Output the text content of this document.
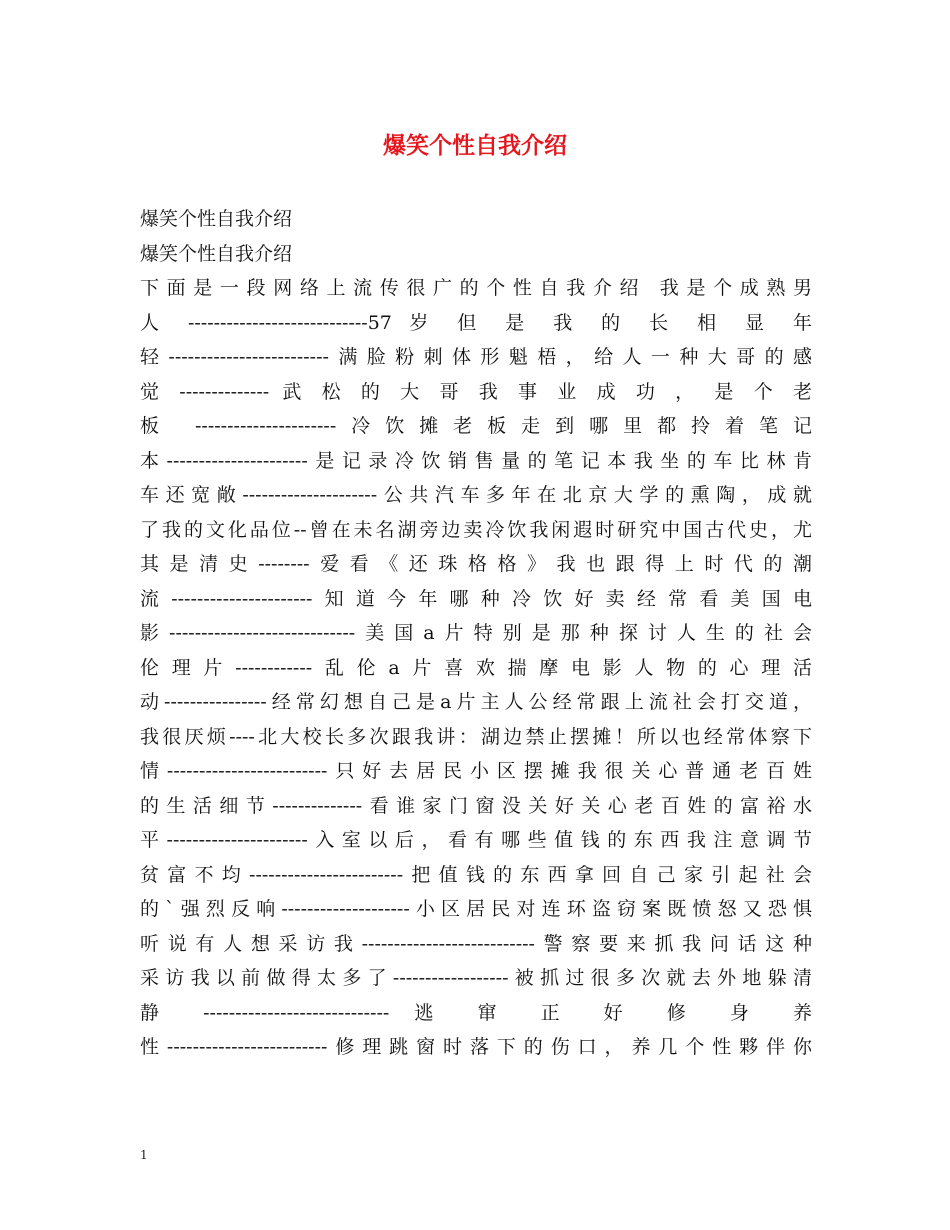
爆笑个性自我介绍
爆笑个性自我介绍
爆笑个性自我介绍
下面是一段网络上流传很广的个性自我介绍 我是个成熟男
人 ----------------------------57 岁 但 是 我 的 长 相 显 年
轻-------------------------满脸粉刺体形魁梧，给人一种大哥的感
觉 -------------- 武 松 的 大 哥 我 事 业 成 功 ， 是 个 老
板 ----------------------冷饮摊老板走到哪里都拎着笔记
本----------------------是记录冷饮销售量的笔记本我坐的车比林肯
车还宽敞---------------------公共汽车多年在北京大学的熏陶，成就
了我的文化品位--曾在未名湖旁边卖冷饮我闲遐时研究中国古代史，尤
其是清史--------爱看《还珠格格》我也跟得上时代的潮
流----------------------知道今年哪种冷饮好卖经常看美国电
影-----------------------------美国a片特别是那种探讨人生的社会
伦理片------------乱伦a片喜欢揣摩电影人物的心理活
动----------------经常幻想自己是a片主人公经常跟上流社会打交道，
我很厌烦----北大校长多次跟我讲：湖边禁止摆摊！所以也经常体察下
情-------------------------只好去居民小区摆摊我很关心普通老百姓
的生活细节--------------看谁家门窗没关好关心老百姓的富裕水
平----------------------入室以后，看有哪些值钱的东西我注意调节
贫富不均------------------------把值钱的东西拿回自己家引起社会
的`强烈反响--------------------小区居民对连环盗窃案既愤怒又恐惧
听说有人想采访我---------------------------警察要来抓我问话这种
采访我以前做得太多了------------------被抓过很多次就去外地躲清
静 ----------------------------- 逃 窜 正 好 修 身 养
性-------------------------修理跳窗时落下的伤口，养几个性夥伴你
1
